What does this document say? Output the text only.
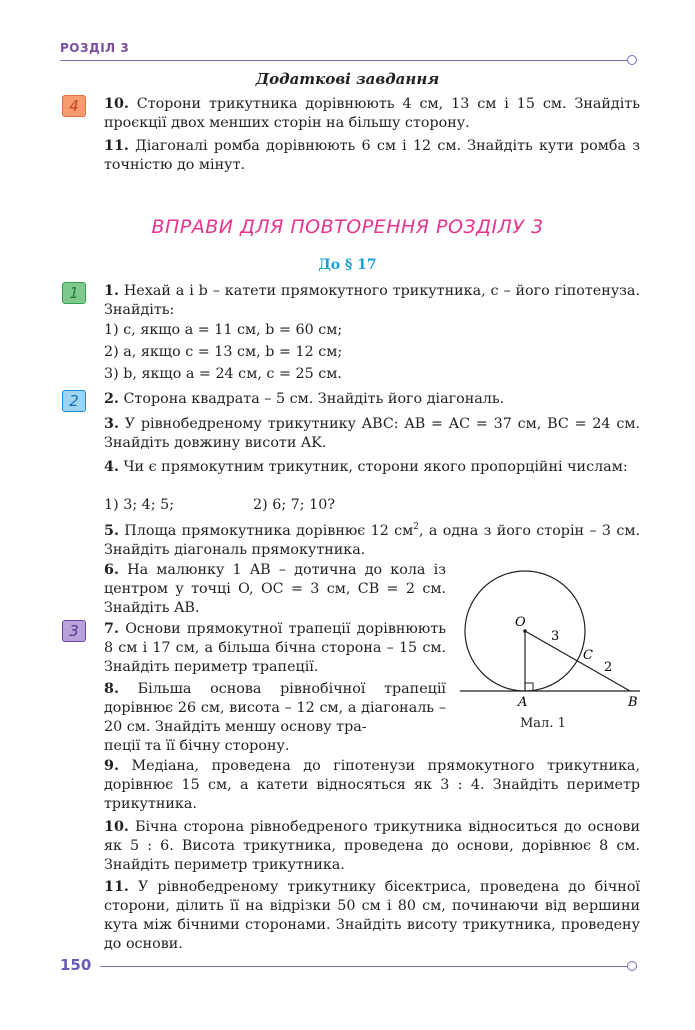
РОЗДІЛ 3
Додаткові завдання
4	10. Сторони трикутника дорівнюють 4 см, 13 см і 15 см. Знайдіть проєкції двох менших сторін на більшу сторону.
11. Діагоналі ромба дорівнюють 6 см і 12 см. Знайдіть кути ромба з точністю до мінут.
ВПРАВИ ДЛЯ ПОВТОРЕННЯ РОЗДІЛУ 3
До § 17
1	1. Нехай a і b – катети прямокутного трикутника, c – його гіпотенуза. Знайдіть:
1) c, якщо a = 11 см, b = 60 см;
2) a, якщо c = 13 см, b = 12 см;
3) b, якщо a = 24 см, c = 25 см.
2	2. Сторона квадрата – 5 см. Знайдіть його діагональ.
3. У рівнобедреному трикутнику ABC: AB = AC = 37 см, BC = 24 см. Знайдіть довжину висоти AK.
4. Чи є прямокутним трикутник, сторони якого пропорційні числам:
1) 3; 4; 5;	2) 6; 7; 10?
5. Площа прямокутника дорівнює 12 $см^2$, а одна з його сторін – 3 см. Знайдіть діагональ прямокутника.
6. На малюнку 1 AB – дотична до кола із центром у точці O, OC = 3 см, CB = 2 см. Знайдіть AB.
3	7. Основи прямокутної трапеції дорівнюють 8 см і 17 см, а більша бічна сторона – 15 см. Знайдіть периметр трапеції.
8. Більша основа рівнобічної трапеції дорівнює 26 см, висота – 12 см, а діагональ – 20 см. Знайдіть меншу основу тра-
пеції та її бічну сторону.
9. Медіана, проведена до гіпотенузи прямокутного трикутника, дорівнює 15 см, а катети відносяться як 3 : 4. Знайдіть периметр трикутника.
10. Бічна сторона рівнобедреного трикутника відноситься до основи як 5 : 6. Висота трикутника, проведена до основи, дорівнює 8 см. Знайдіть периметр трикутника.
11. У рівнобедреному трикутнику бісектриса, проведена до бічної сторони, ділить її на відрізки 50 см і 80 см, починаючи від вершини кута між бічними сторонами. Знайдіть висоту трикутника, проведену до основи.
O
A	B
C
3
2
Мал. 1
150
